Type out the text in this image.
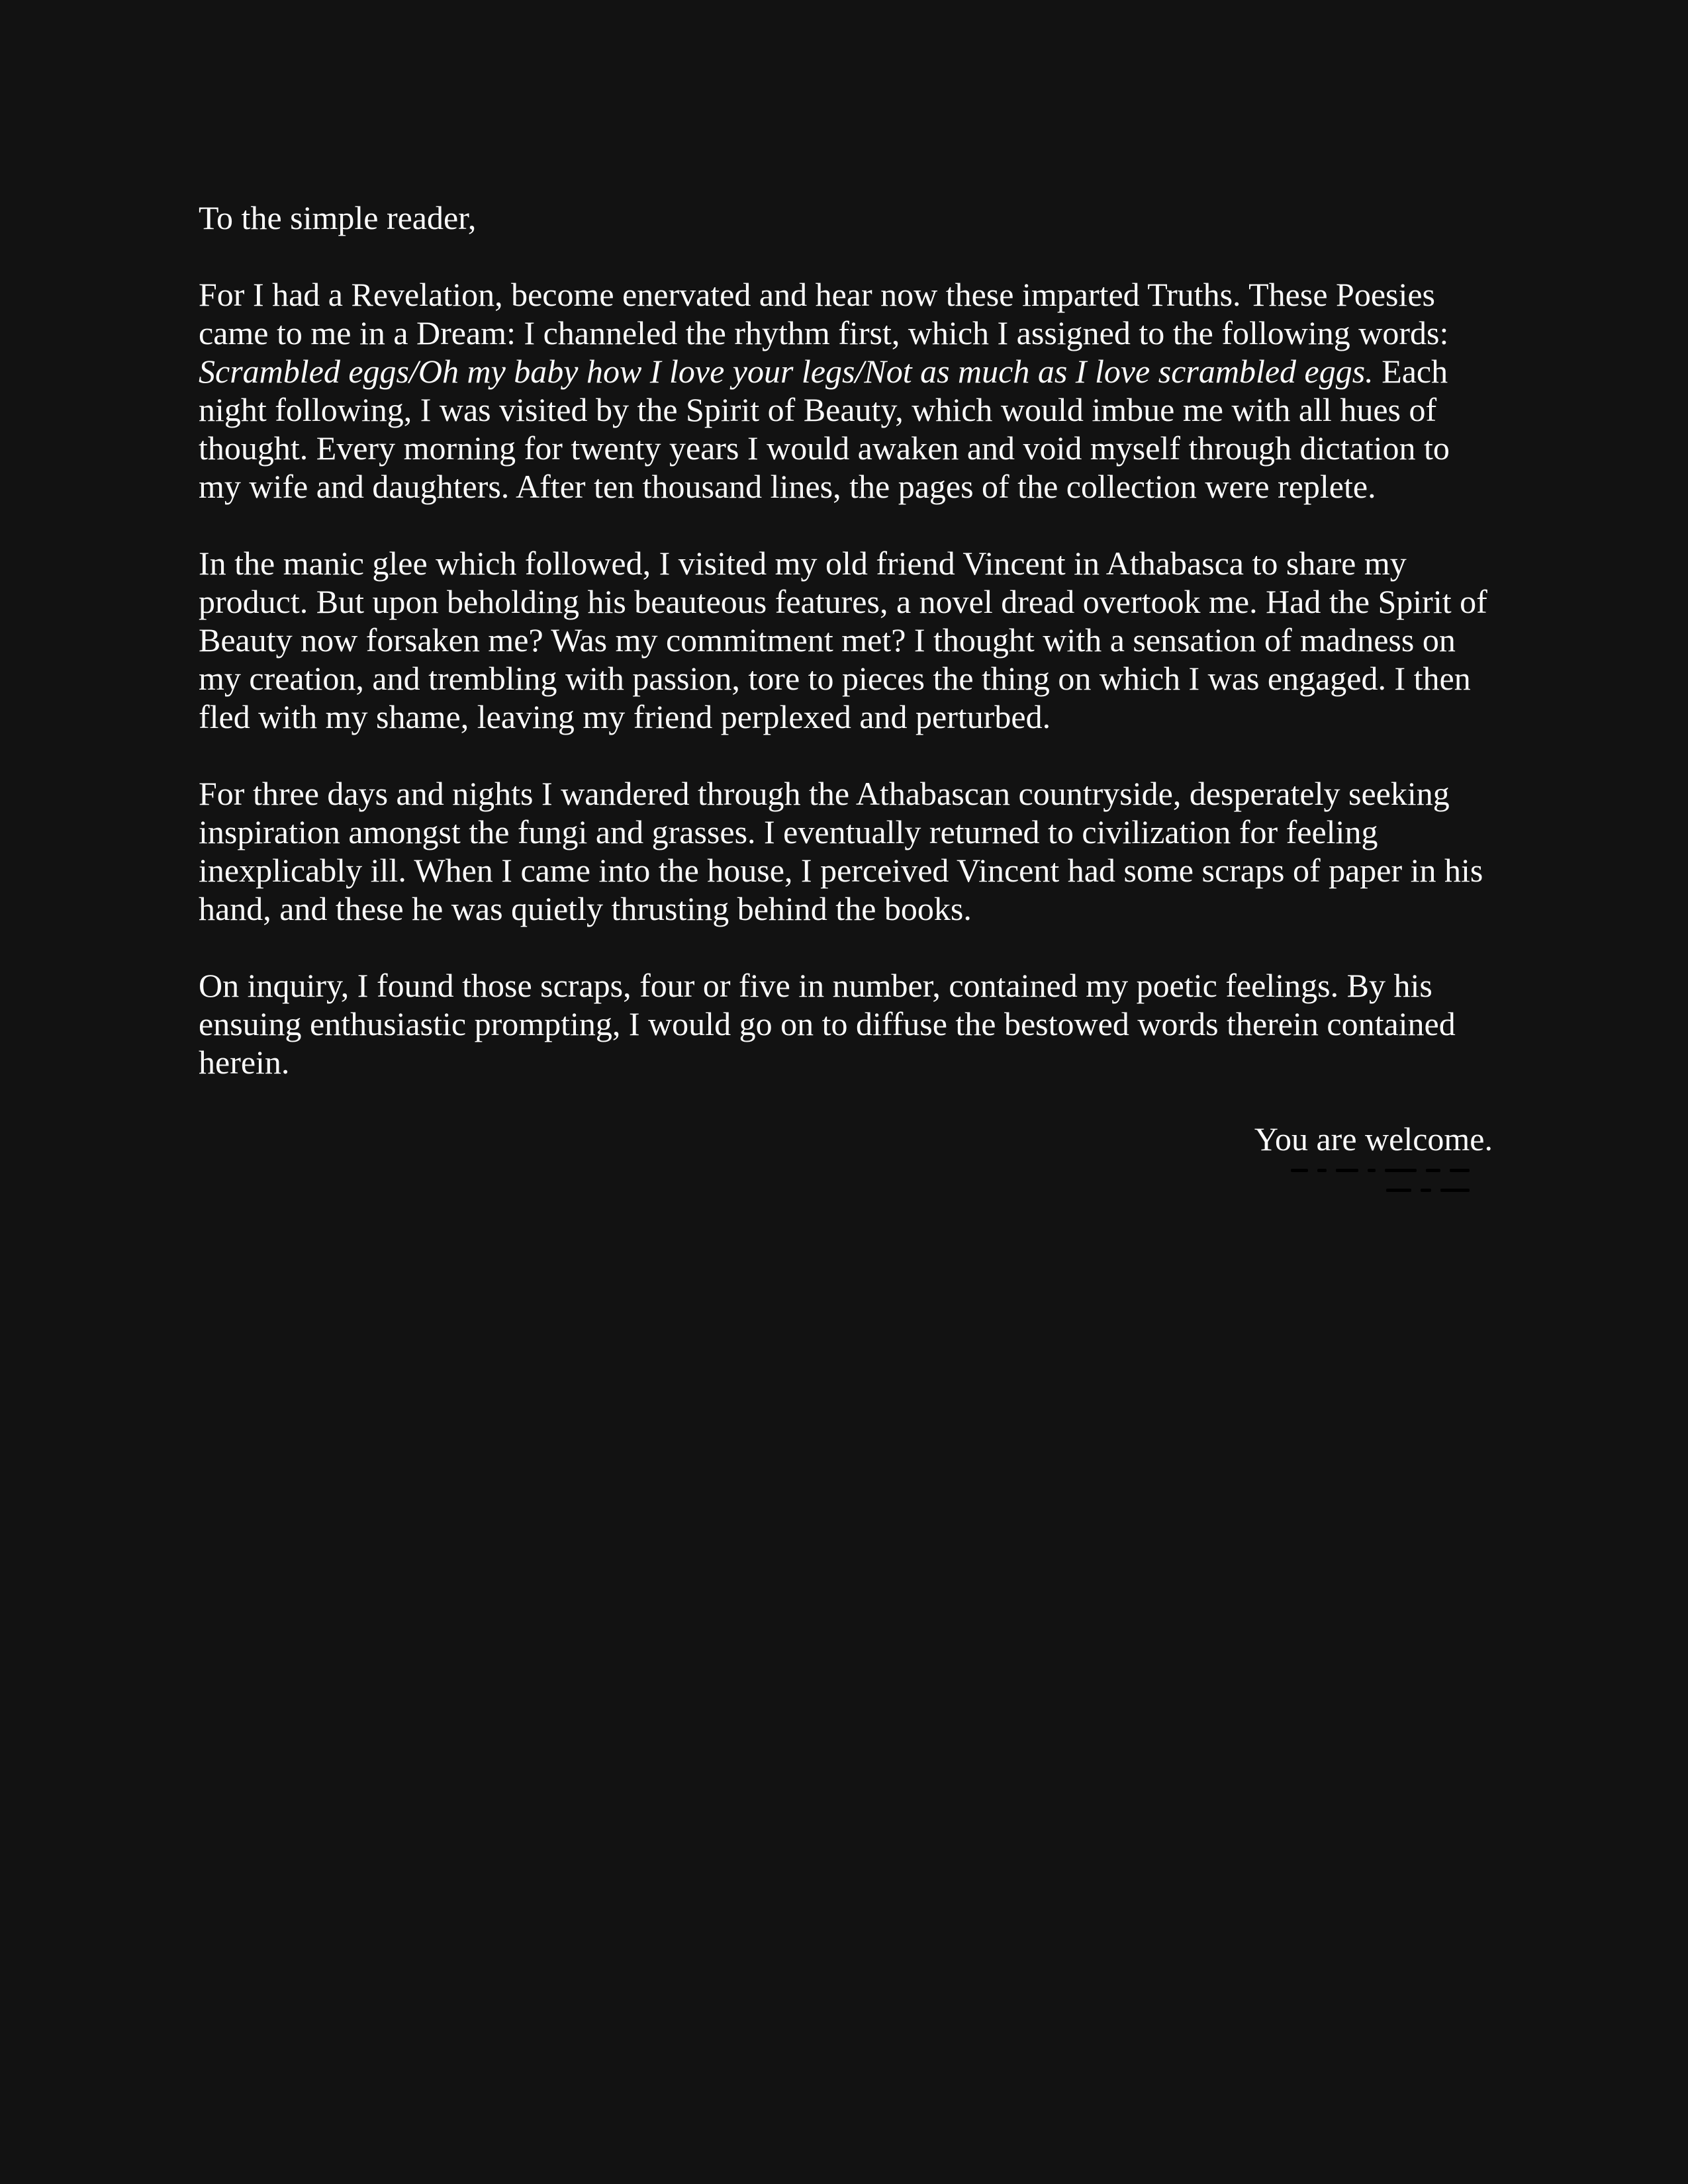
To the simple reader,

For I had a Revelation, become enervated and hear now these imparted Truths. These Poesies came to me in a Dream: I channeled the rhythm first, which I assigned to the following words: Scrambled eggs/Oh my baby how I love your legs/Not as much as I love scrambled eggs. Each night following, I was visited by the Spirit of Beauty, which would imbue me with all hues of thought. Every morning for twenty years I would awaken and void myself through dictation to my wife and daughters. After ten thousand lines, the pages of the collection were replete.

In the manic glee which followed, I visited my old friend Vincent in Athabasca to share my product. But upon beholding his beauteous features, a novel dread overtook me. Had the Spirit of Beauty now forsaken me? Was my commitment met? I thought with a sensation of madness on my creation, and trembling with passion, tore to pieces the thing on which I was engaged. I then fled with my shame, leaving my friend perplexed and perturbed.

For three days and nights I wandered through the Athabascan countryside, desperately seeking inspiration amongst the fungi and grasses. I eventually returned to civilization for feeling inexplicably ill. When I came into the house, I perceived Vincent had some scraps of paper in his hand, and these he was quietly thrusting behind the books.

On inquiry, I found those scraps, four or five in number, contained my poetic feelings. By his ensuing enthusiastic prompting, I would go on to diffuse the bestowed words therein contained herein.

You are welcome.
